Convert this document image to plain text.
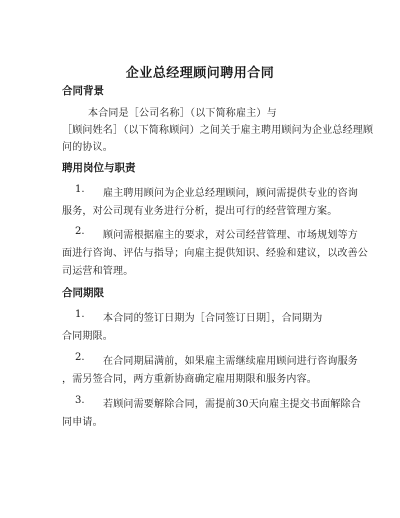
企业总经理顾问聘用合同
合同背景
本合同是［公司名称］（以下简称雇主）与
［顾问姓名］（以下简称顾问）之间关于雇主聘用顾问为企业总经理顾
问的协议。
聘用岗位与职责
1. 雇主聘用顾问为企业总经理顾问，顾问需提供专业的咨询
服务，对公司现有业务进行分析，提出可行的经营管理方案。
2. 顾问需根据雇主的要求，对公司经营管理、市场规划等方
面进行咨询、评估与指导；向雇主提供知识、经验和建议，以改善公
司运营和管理。
合同期限
1. 本合同的签订日期为［合同签订日期］，合同期为
合同期限。
2. 在合同期届满前，如果雇主需继续雇用顾问进行咨询服务
，需另签合同，两方重新协商确定雇用期限和服务内容。
3. 若顾问需要解除合同，需提前30天向雇主提交书面解除合
同申请。
